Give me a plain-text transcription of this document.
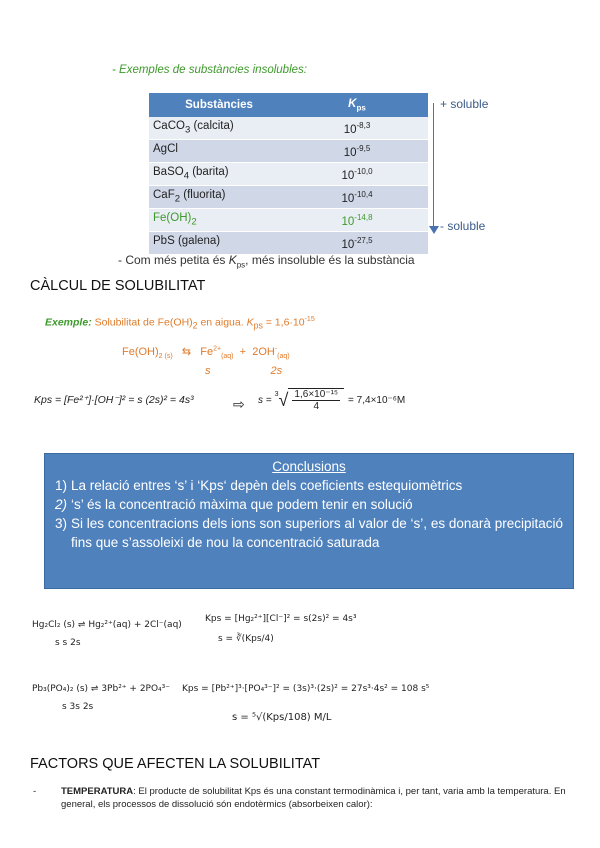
- Exemples de substàncies insolubles:
Substàncies	$K_{ps}$
CaCO$_3$ (calcita)	$10^{-8,3}$
AgCl	$10^{-9,5}$
BaSO$_4$ (barita)	$10^{-10,0}$
CaF$_2$ (fluorita)	$10^{-10,4}$
$Fe(OH)_2$	$10^{-14,8}$
PbS (galena)	$10^{-27,5}$
+ soluble
- soluble
- Com més petita és $K_{ps}$, més insoluble és la substància
CÀLCUL DE SOLUBILITAT
Exemple: Solubilitat de $Fe(OH)_2$ en aigua. $K_{ps} = 1,6\cdot 10^{-15}$
$Fe(OH)_{2 (s)}$ ⇆ $Fe^{2+}_{(aq)} + 2OH^-_{(aq)}$
s	2s
Kps = [Fe²⁺]·[OH⁻]² = s (2s)² = 4s³	⇨ s =
3 √ $\frac{\text{1,6×10⁻¹⁵}}{4} = 7,4\times 10^{-6}M$
Conclusions
1) La relació entres ‘s’ i ‘Kps‘ depèn dels coeficients estequiomètrics
2) ‘s’ és la concentració màxima que podem tenir en solució
3) Si les concentracions dels ions son superiors al valor de ‘s’, es donarà precipitació fins que s’assoleixi de nou la concentració saturada
Hg₂Cl₂ (s) ⇌ Hg₂²⁺(aq) + 2Cl⁻(aq)
s s 2s
Kps = [Hg₂²⁺][Cl⁻]² = s(2s)² = 4s³
s = ∛(Kps/4)
Pb₃(PO₄)₂ (s) ⇌ 3Pb²⁺ + 2PO₄³⁻
s 3s 2s
Kps = [Pb²⁺]³·[PO₄³⁻]² = (3s)³·(2s)² = 27s³·4s² = 108 s⁵
s = ⁵√(Kps/108) M/L
FACTORS QUE AFECTEN LA SOLUBILITAT
-	TEMPERATURA: El producte de solubilitat Kps és una constant termodinàmica i, per tant, varia amb la temperatura. En general, els processos de dissolució són endotèrmics (absorbeixen calor):
